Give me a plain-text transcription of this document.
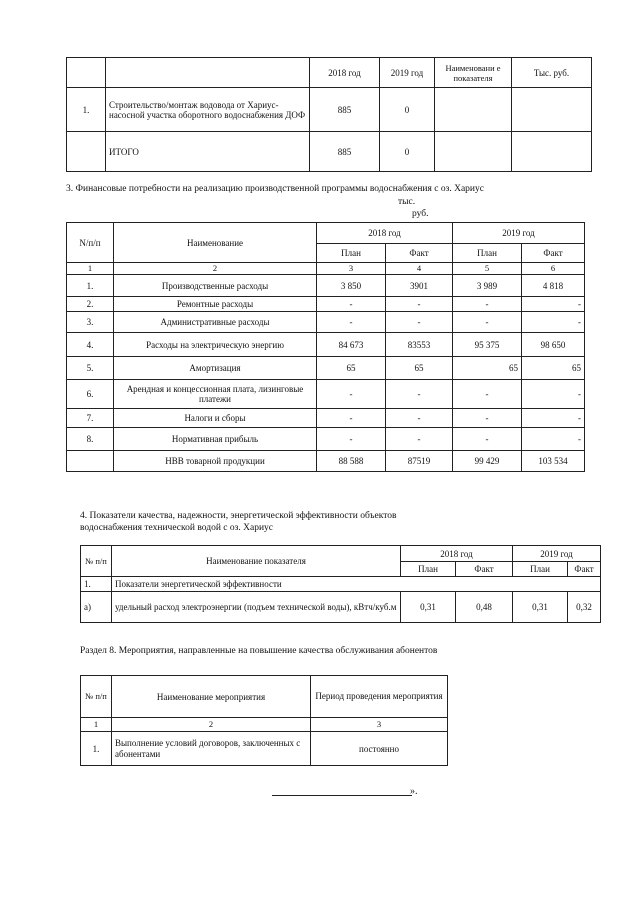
		2018 год	2019 год	Наименовани е показателя	Тыс. руб.
1.	Строительство/монтаж водовода от Хариус-насосной участка оборотного водоснабжения ДОФ	885	0		
	ИТОГО	885	0		
3. Финансовые потребности на реализацию производственной программы водоснабжения с оз. Хариус
тыс.
руб.
N/п/п	Наименование	2018 год		2019 год	
		План	Факт	План	Факт
1	2	3	4	5	6
1.	Производственные расходы	3 850	3901	3 989	4 818
2.	Ремонтные расходы	-	-	-	-
3.	Административные расходы	-	-	-	-
4.	Расходы на электрическую энергию	84 673	83553	95 375	98 650
5.	Амортизация	65	65	65	65
6.	Арендная и концессионная плата, лизинговые платежи	-	-	-	-
7.	Налоги и сборы	-	-	-	-
8.	Нормативная прибыль	-	-	-	-
	НВВ товарной продукции	88 588	87519	99 429	103 534
4. Показатели качества, надежности, энергетической эффективности объектов
водоснабжения технической водой с оз. Хариус
№ п/п	Наименование показателя	2018 год		2019 год	
		План	Факт	Плаи	Факт
1.	Показатели энергетической эффективности				
а)	удельный расход электроэнергии (подъем технической воды), кВтч/куб.м	0,31	0,48	0,31	0,32
Раздел 8. Мероприятия, направленные на повышение качества обслуживания абонентов
№ п/п	Наименование мероприятия	Период проведения мероприятия
1	2	3
1.	Выполнение условий договоров, заключенных с абонентами	постоянно
».
